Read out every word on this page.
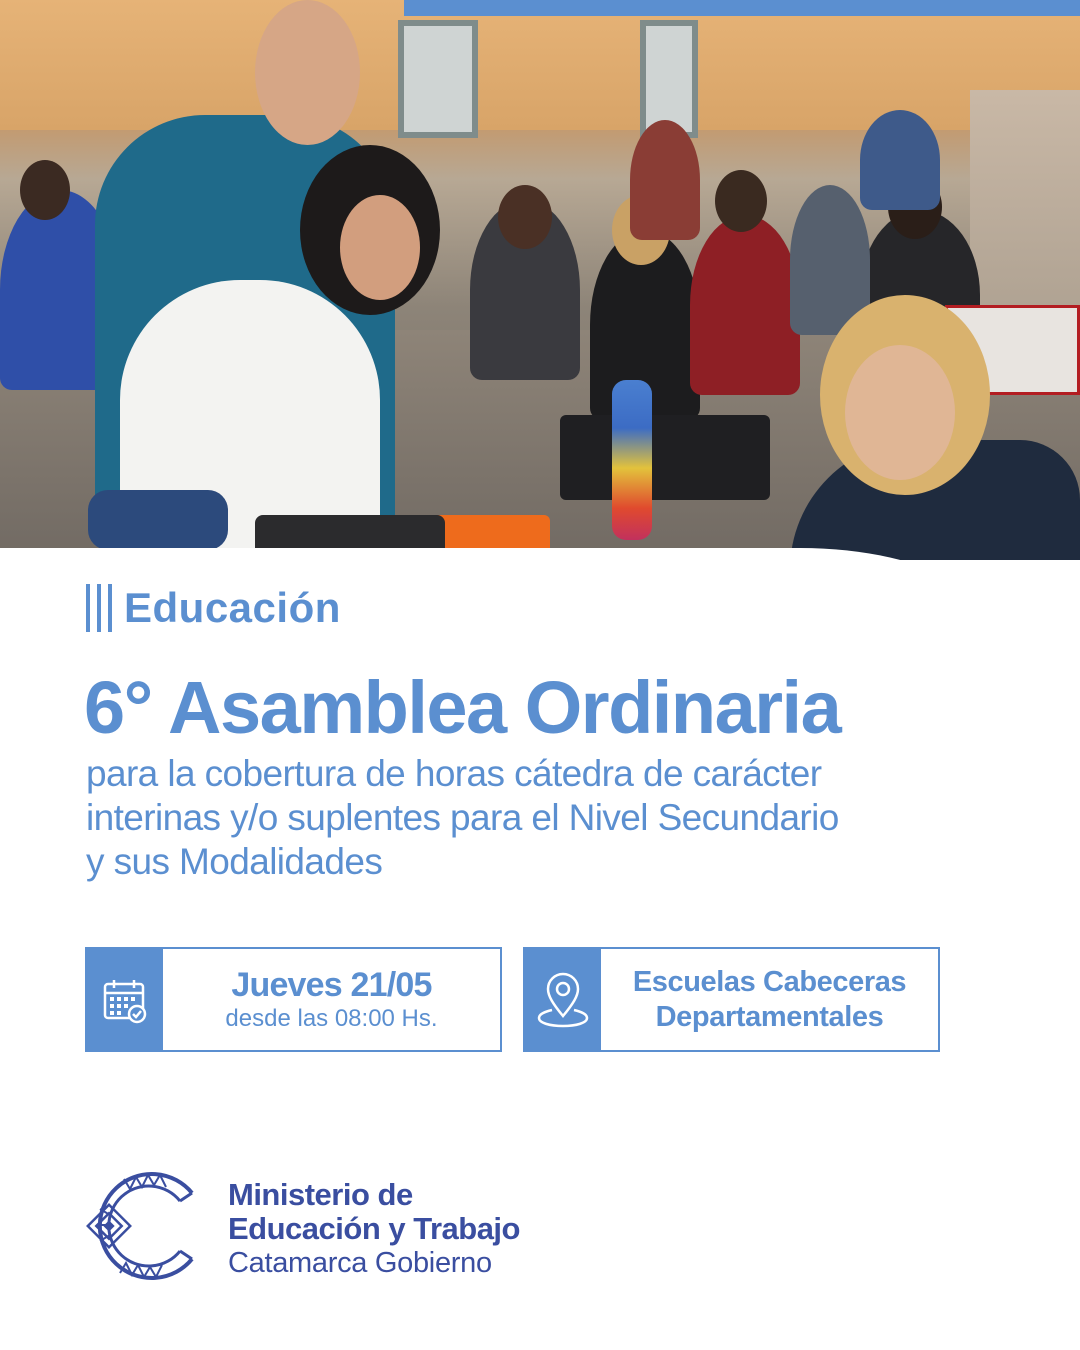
Educación
6° Asamblea Ordinaria
para la cobertura de horas cátedra de carácter
interinas y/o suplentes para el Nivel Secundario
y sus Modalidades
Jueves 21/05
desde las 08:00 Hs.
Escuelas Cabeceras
Departamentales
Ministerio de
Educación y Trabajo
Catamarca Gobierno
